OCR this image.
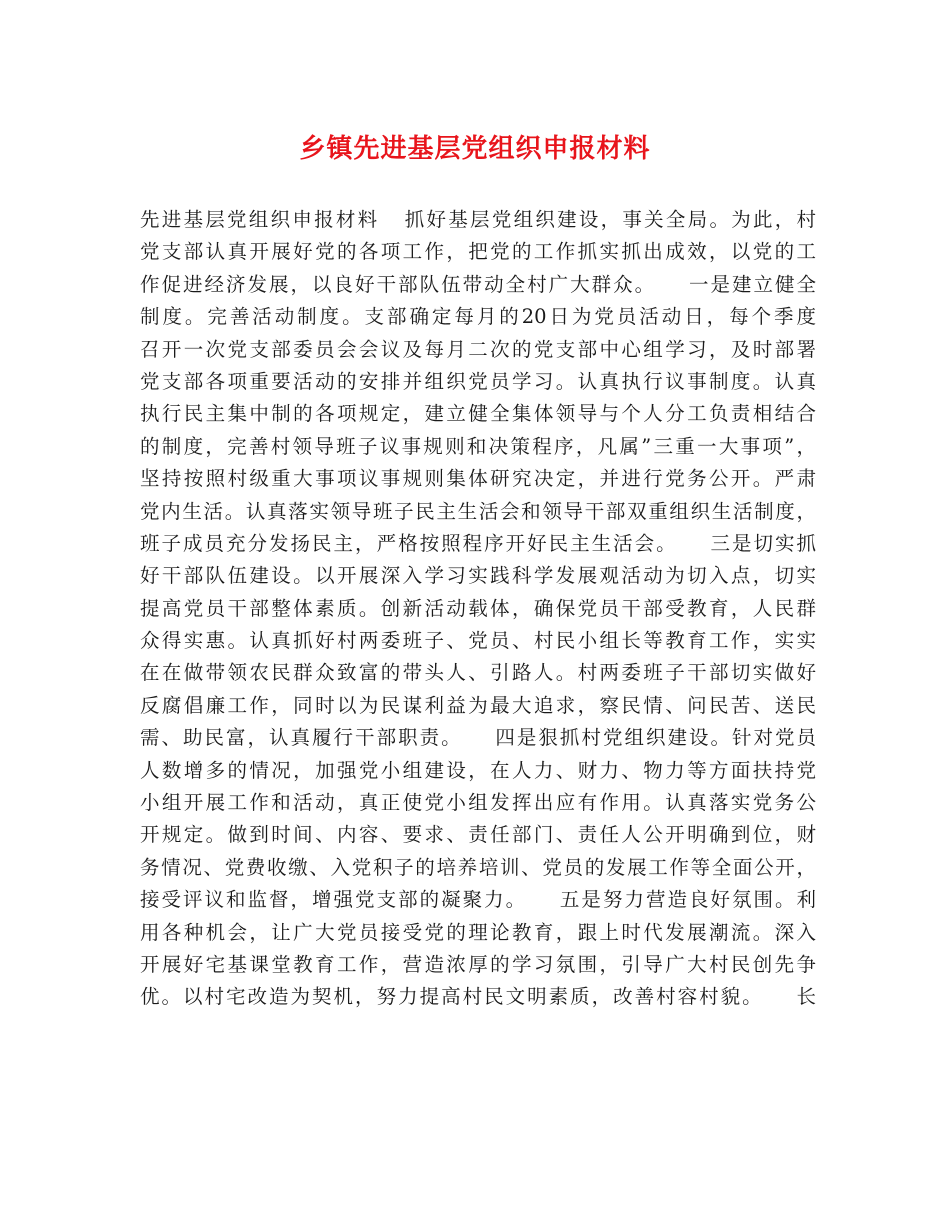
乡镇先进基层党组织申报材料
先进基层党组织申报材料   抓好基层党组织建设，事关全局。为此，村
党支部认真开展好党的各项工作，把党的工作抓实抓出成效，以党的工
作促进经济发展，以良好干部队伍带动全村广大群众。    一是建立健全
制度。完善活动制度。支部确定每月的20日为党员活动日，每个季度
召开一次党支部委员会会议及每月二次的党支部中心组学习，及时部署
党支部各项重要活动的安排并组织党员学习。认真执行议事制度。认真
执行民主集中制的各项规定，建立健全集体领导与个人分工负责相结合
的制度，完善村领导班子议事规则和决策程序，凡属”三重一大事项”，
坚持按照村级重大事项议事规则集体研究决定，并进行党务公开。严肃
党内生活。认真落实领导班子民主生活会和领导干部双重组织生活制度，
班子成员充分发扬民主，严格按照程序开好民主生活会。    三是切实抓
好干部队伍建设。以开展深入学习实践科学发展观活动为切入点，切实
提高党员干部整体素质。创新活动载体，确保党员干部受教育，人民群
众得实惠。认真抓好村两委班子、党员、村民小组长等教育工作，实实
在在做带领农民群众致富的带头人、引路人。村两委班子干部切实做好
反腐倡廉工作，同时以为民谋利益为最大追求，察民情、问民苦、送民
需、助民富，认真履行干部职责。    四是狠抓村党组织建设。针对党员
人数增多的情况，加强党小组建设，在人力、财力、物力等方面扶持党
小组开展工作和活动，真正使党小组发挥出应有作用。认真落实党务公
开规定。做到时间、内容、要求、责任部门、责任人公开明确到位，财
务情况、党费收缴、入党积子的培养培训、党员的发展工作等全面公开，
接受评议和监督，增强党支部的凝聚力。    五是努力营造良好氛围。利
用各种机会，让广大党员接受党的理论教育，跟上时代发展潮流。深入
开展好宅基课堂教育工作，营造浓厚的学习氛围，引导广大村民创先争
优。以村宅改造为契机，努力提高村民文明素质，改善村容村貌。    长
